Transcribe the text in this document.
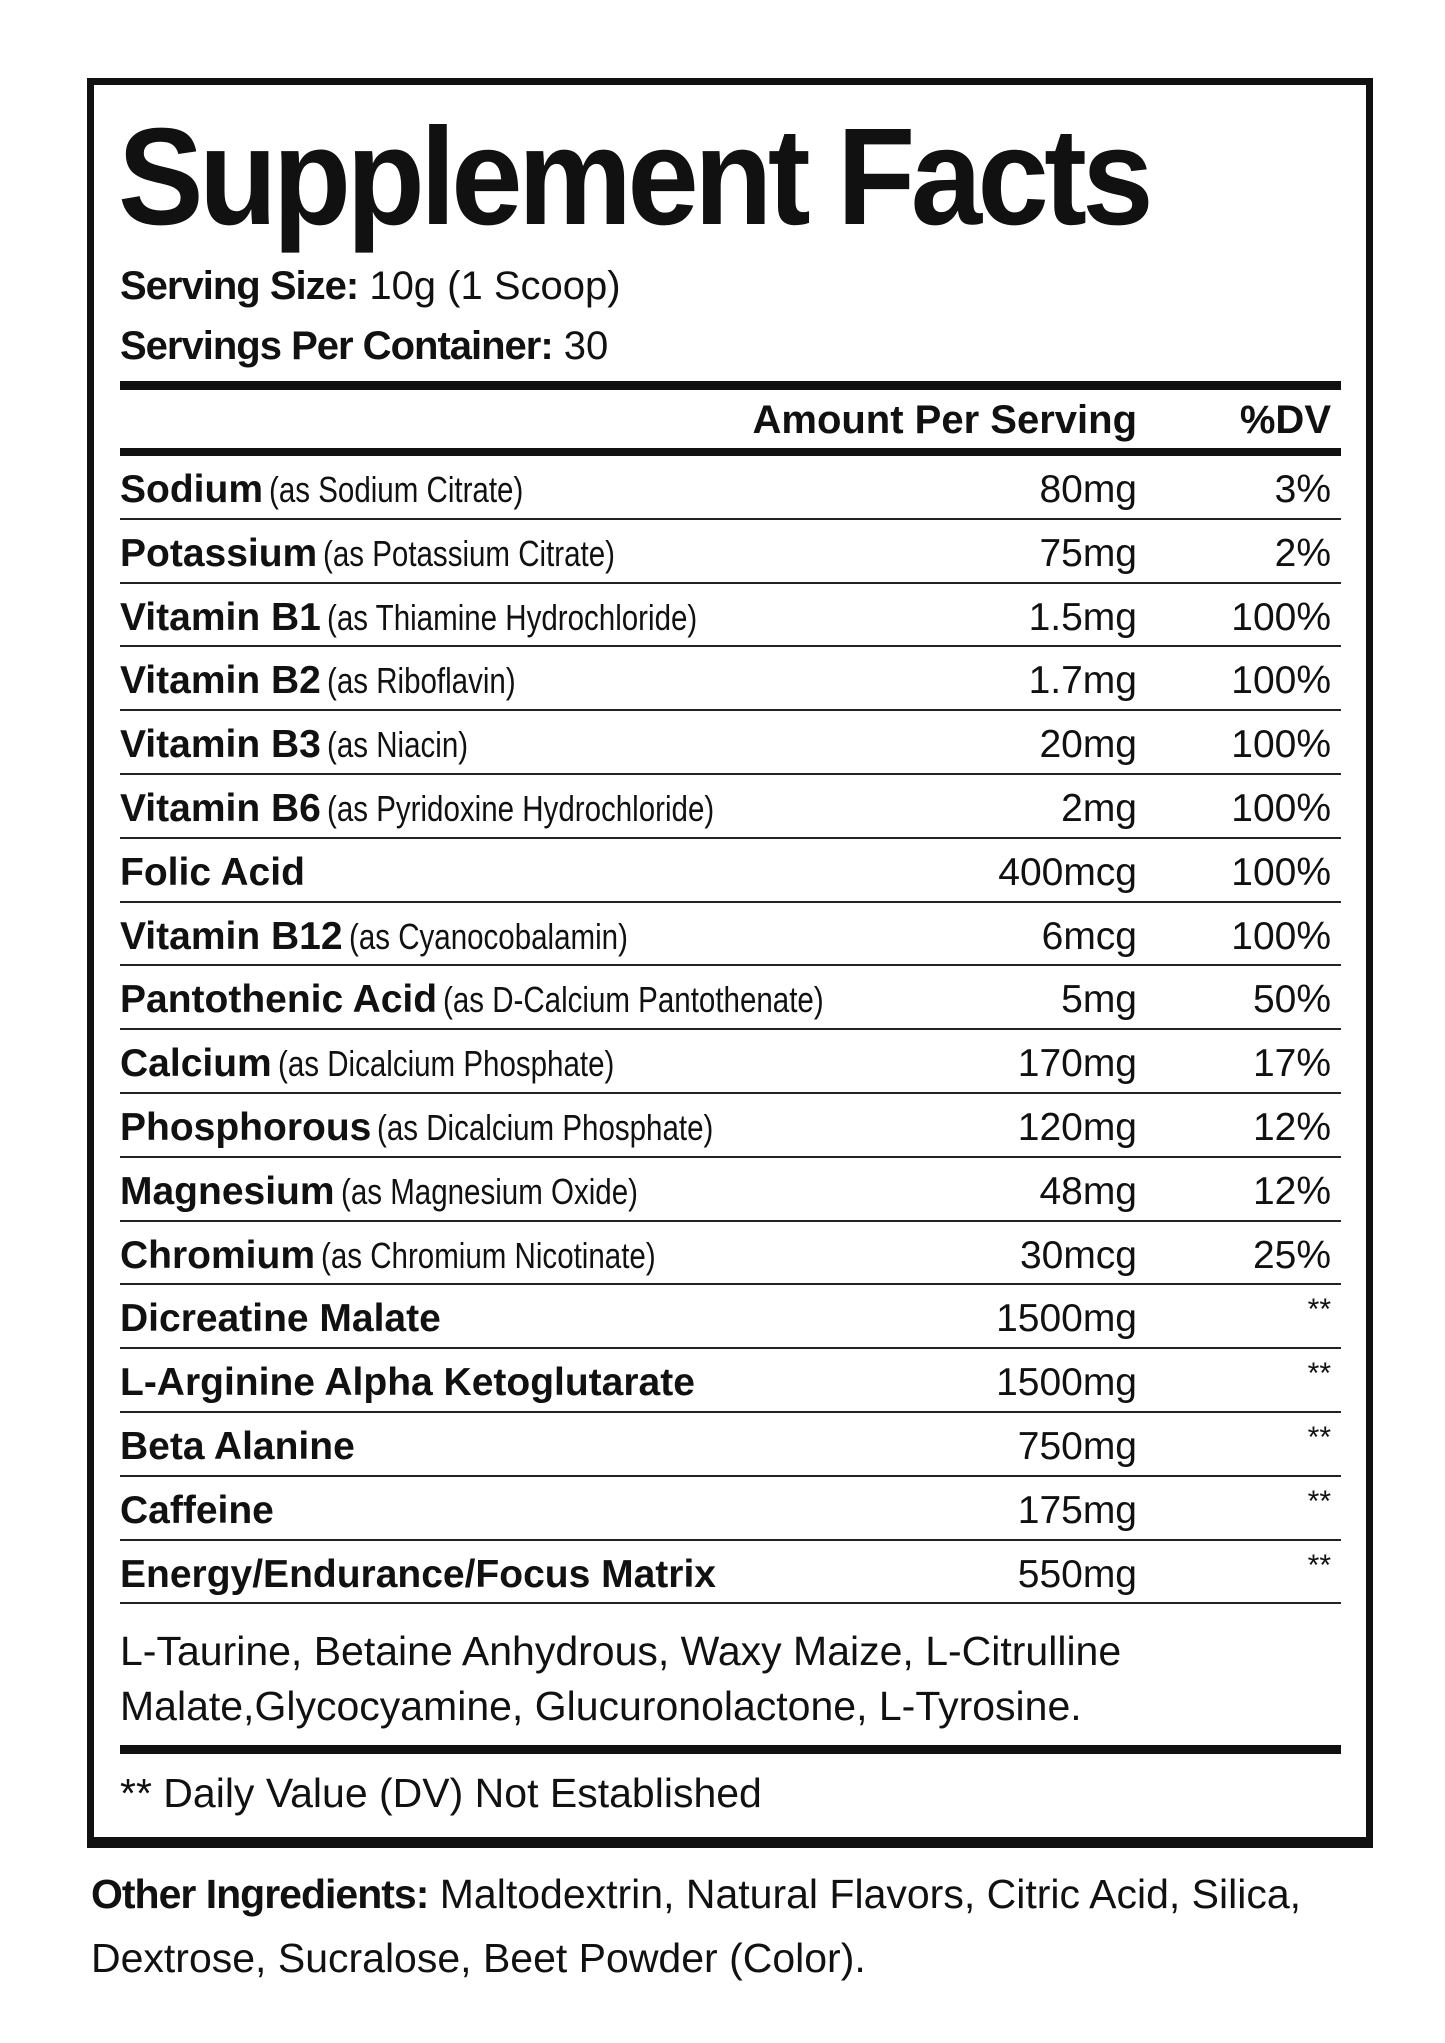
Supplement Facts
Serving Size: 10g (1 Scoop)
Servings Per Container: 30
Amount Per Serving	%DV
Sodium (as Sodium Citrate)	80mg	3%
Potassium (as Potassium Citrate)	75mg	2%
Vitamin B1 (as Thiamine Hydrochloride)	1.5mg 100%
Vitamin B2 (as Riboflavin)	1.7mg 100%
Vitamin B3 (as Niacin)	20mg 100%
Vitamin B6 (as Pyridoxine Hydrochloride)	2mg 100%
Folic Acid	400mcg 100%
Vitamin B12 (as Cyanocobalamin)	6mcg 100%
Pantothenic Acid (as D-Calcium Pantothenate)	5mg	50%
Calcium (as Dicalcium Phosphate)	170mg	17%
Phosphorous (as Dicalcium Phosphate)	120mg	12%
Magnesium (as Magnesium Oxide)	48mg	12%
Chromium (as Chromium Nicotinate)	30mcg	25%
Dicreatine Malate	1500mg	**
L-Arginine Alpha Ketoglutarate	1500mg	**
Beta Alanine	750mg	**
Caffeine	175mg	**
Energy/Endurance/Focus Matrix	550mg	**
L-Taurine, Betaine Anhydrous, Waxy Maize, L-Citrulline Malate,Glycocyamine, Glucuronolactone, L-Tyrosine.
** Daily Value (DV) Not Established
Other Ingredients: Maltodextrin, Natural Flavors, Citric Acid, Silica, Dextrose, Sucralose, Beet Powder (Color).
